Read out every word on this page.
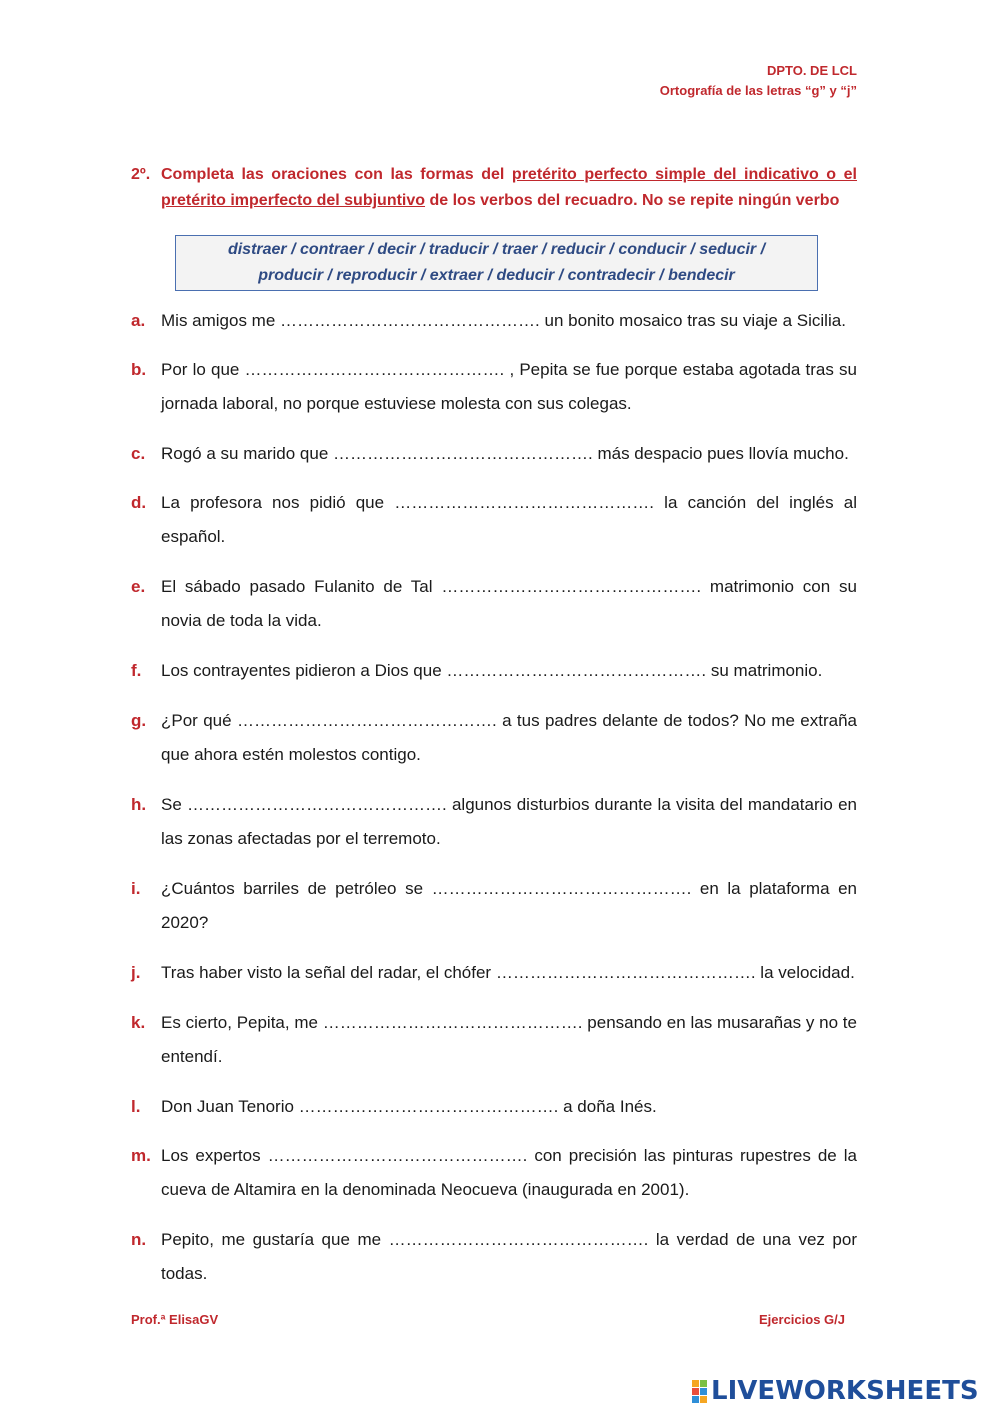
DPTO. DE LCL
Ortografía de las letras “g” y “j”
2º. Completa las oraciones con las formas del pretérito perfecto simple del indicativo o el pretérito imperfecto del subjuntivo de los verbos del recuadro. No se repite ningún verbo
distraer / contraer / decir / traducir / traer / reducir / conducir / seducir /
producir / reproducir / extraer / deducir / contradecir / bendecir
a. Mis amigos me ………………………………………. un bonito mosaico tras su viaje a Sicilia.
b. Por lo que ………………………………………. , Pepita se fue porque estaba agotada tras su jornada laboral, no porque estuviese molesta con sus colegas.
c. Rogó a su marido que ………………………………………. más despacio pues llovía mucho.
d. La profesora nos pidió que ………………………………………. la canción del inglés al español.
e. El sábado pasado Fulanito de Tal ………………………………………. matrimonio con su novia de toda la vida.
f. Los contrayentes pidieron a Dios que ………………………………………. su matrimonio.
g. ¿Por qué ………………………………………. a tus padres delante de todos? No me extraña que ahora estén molestos contigo.
h. Se ………………………………………. algunos disturbios durante la visita del mandatario en las zonas afectadas por el terremoto.
i. ¿Cuántos barriles de petróleo se ………………………………………. en la plataforma en 2020?
j. Tras haber visto la señal del radar, el chófer ………………………………………. la velocidad.
k. Es cierto, Pepita, me ………………………………………. pensando en las musarañas y no te entendí.
l. Don Juan Tenorio ………………………………………. a doña Inés.
m. Los expertos ………………………………………. con precisión las pinturas rupestres de la cueva de Altamira en la denominada Neocueva (inaugurada en 2001).
n. Pepito, me gustaría que me ………………………………………. la verdad de una vez por todas.
Prof.ª ElisaGV	Ejercicios G/J
LIVEWORKSHEETS
